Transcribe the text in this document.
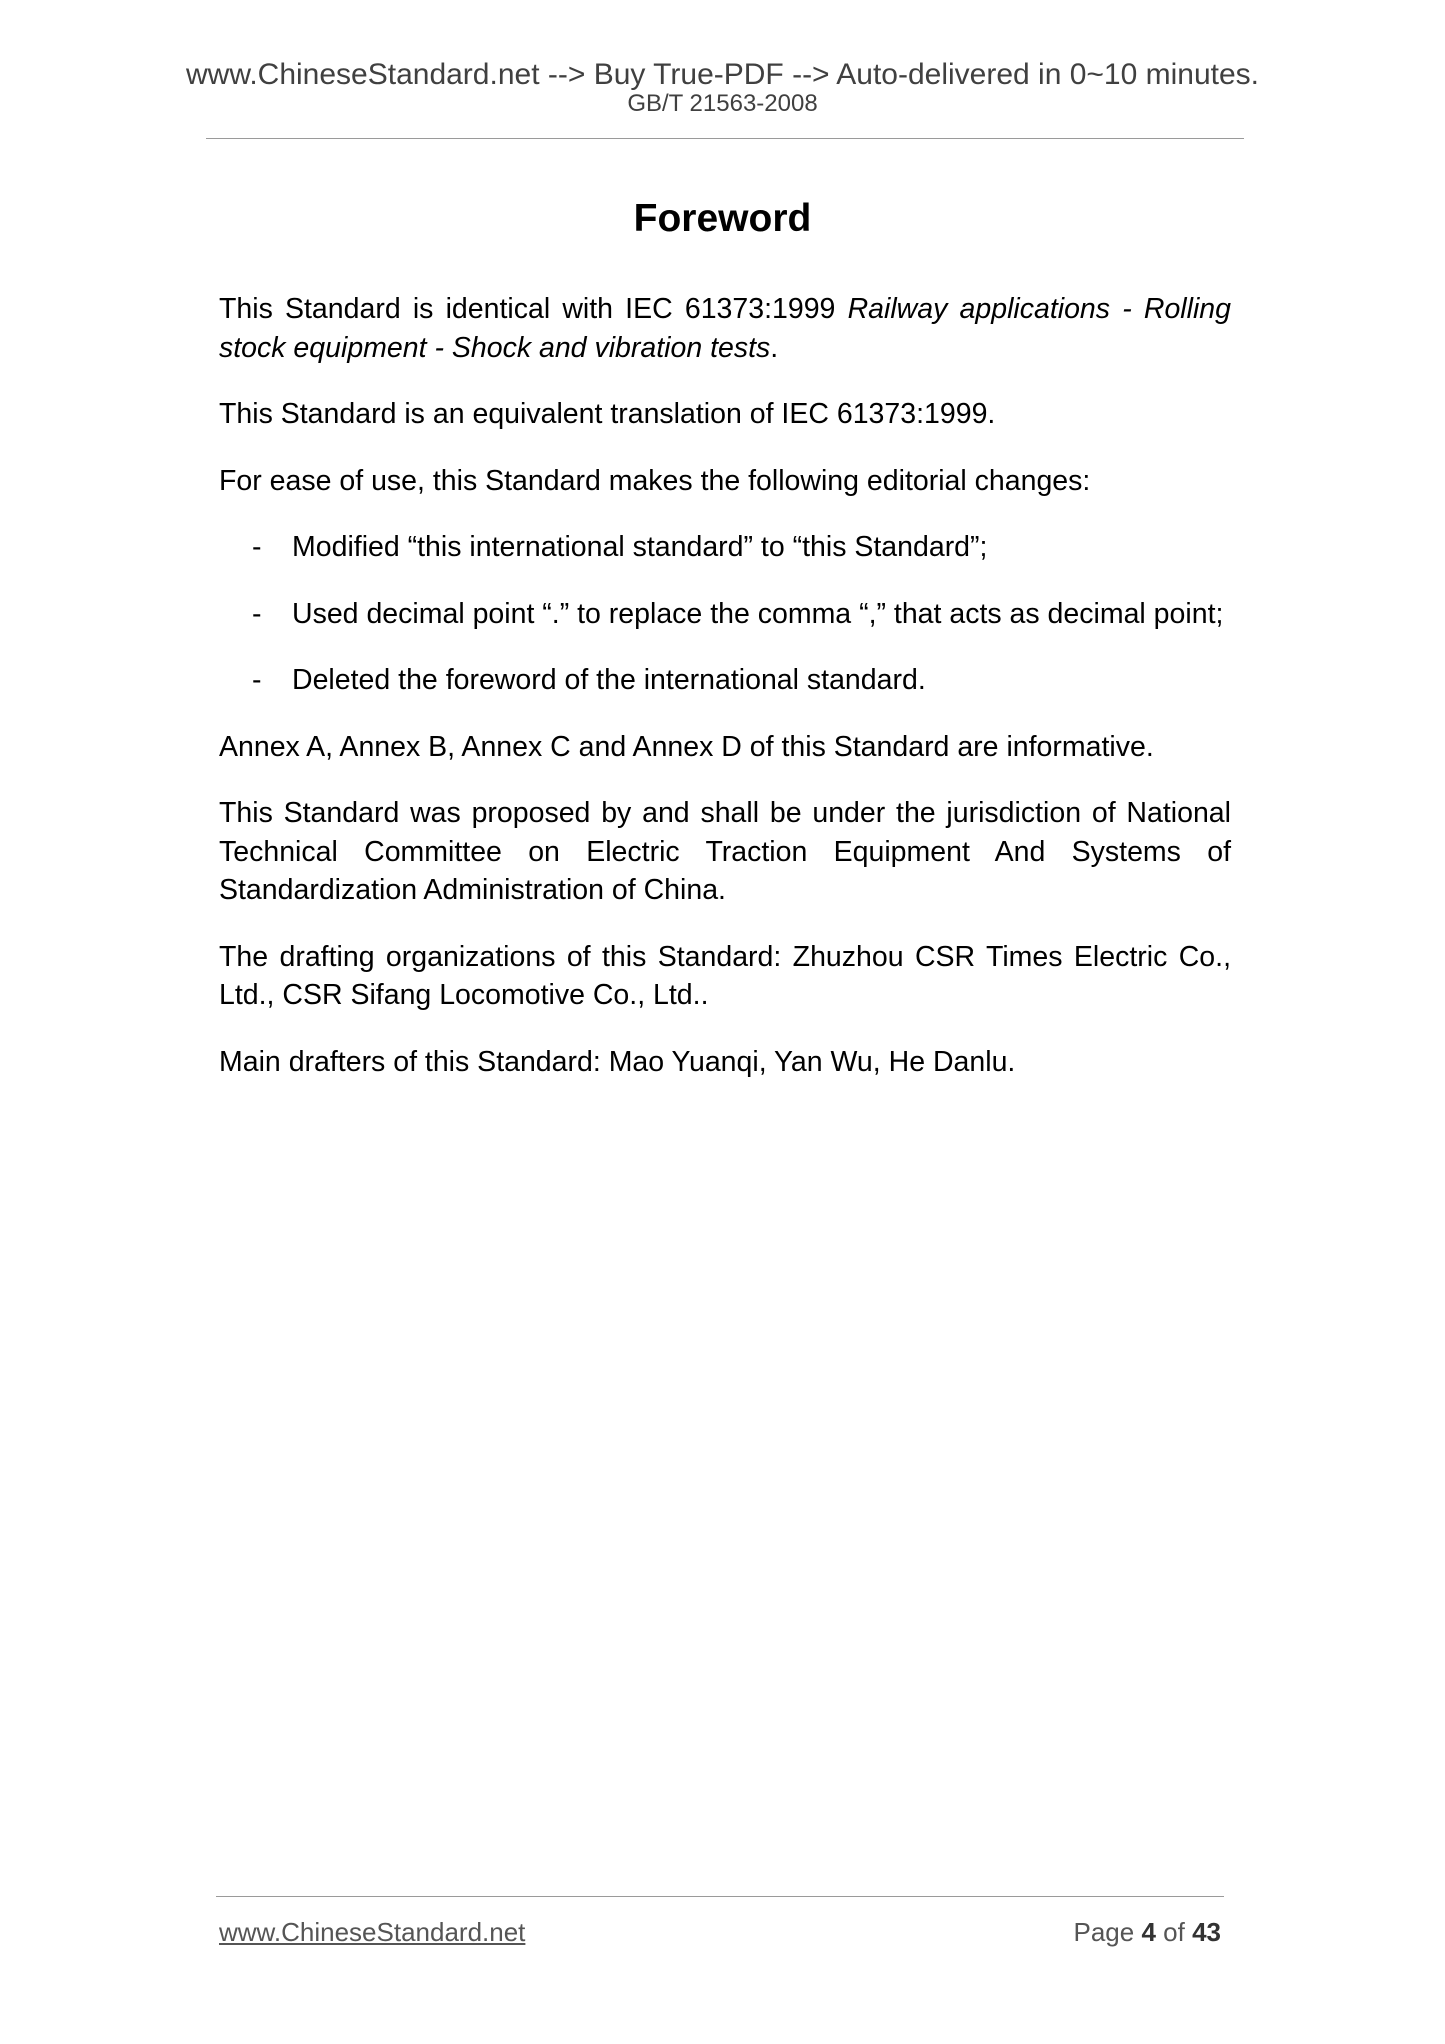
www.ChineseStandard.net --> Buy True-PDF --> Auto-delivered in 0~10 minutes.
GB/T 21563-2008
Foreword

This Standard is identical with IEC 61373:1999 Railway applications - Rolling stock equipment - Shock and vibration tests.

This Standard is an equivalent translation of IEC 61373:1999.

For ease of use, this Standard makes the following editorial changes:

- Modified “this international standard” to “this Standard”;
- Used decimal point “.” to replace the comma “,” that acts as decimal point;
- Deleted the foreword of the international standard.

Annex A, Annex B, Annex C and Annex D of this Standard are informative.

This Standard was proposed by and shall be under the jurisdiction of National Technical Committee on Electric Traction Equipment And Systems of Standardization Administration of China.

The drafting organizations of this Standard: Zhuzhou CSR Times Electric Co., Ltd., CSR Sifang Locomotive Co., Ltd..

Main drafters of this Standard: Mao Yuanqi, Yan Wu, He Danlu.

www.ChineseStandard.net	Page 4 of 43
